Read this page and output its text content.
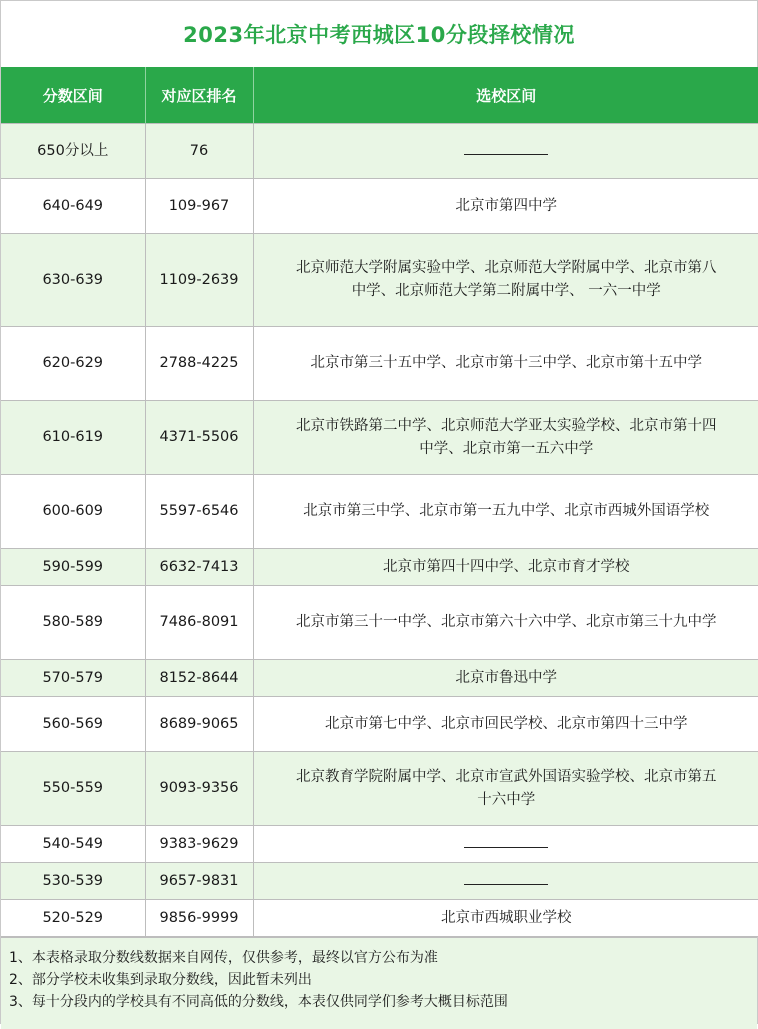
2023年北京中考西城区10分段择校情况
分数区间	对应区排名	选校区间
650分以上	76	
640-649	109-967	北京市第四中学
630-639	1109-2639	北京师范大学附属实验中学、北京师范大学附属中学、北京市第八中学、北京师范大学第二附属中学、 一六一中学
620-629	2788-4225	北京市第三十五中学、北京市第十三中学、北京市第十五中学
610-619	4371-5506	北京市铁路第二中学、北京师范大学亚太实验学校、北京市第十四中学、北京市第一五六中学
600-609	5597-6546	北京市第三中学、北京市第一五九中学、北京市西城外国语学校
590-599	6632-7413	北京市第四十四中学、北京市育才学校
580-589	7486-8091	北京市第三十一中学、北京市第六十六中学、北京市第三十九中学
570-579	8152-8644	北京市鲁迅中学
560-569	8689-9065	北京市第七中学、北京市回民学校、北京市第四十三中学
550-559	9093-9356	北京教育学院附属中学、北京市宣武外国语实验学校、北京市第五十六中学
540-549	9383-9629	
530-539	9657-9831	
520-529	9856-9999	北京市西城职业学校
1、本表格录取分数线数据来自网传，仅供参考，最终以官方公布为准
2、部分学校未收集到录取分数线，因此暂未列出
3、每十分段内的学校具有不同高低的分数线，本表仅供同学们参考大概目标范围
